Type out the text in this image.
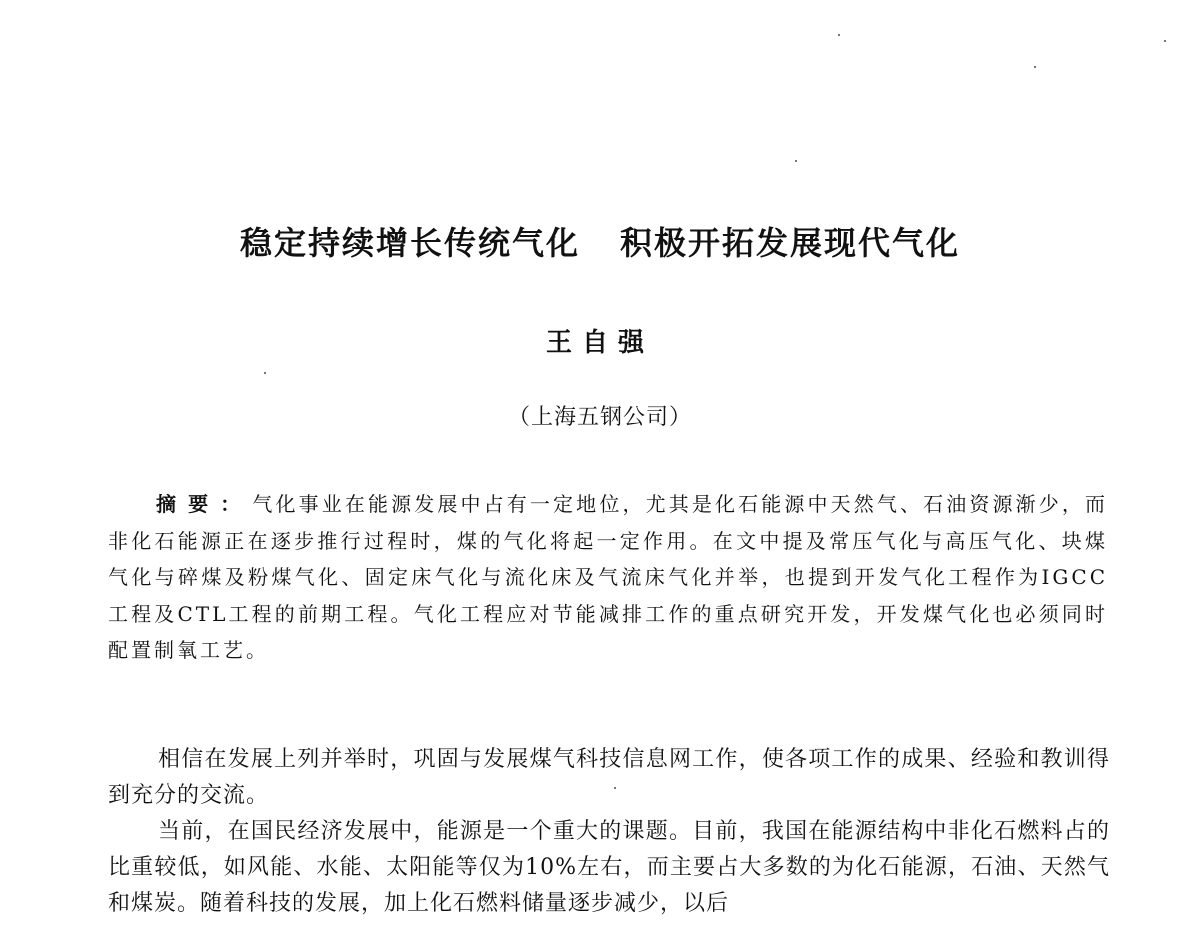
稳定持续增长传统气化 积极开拓发展现代气化
王自强
（上海五钢公司）

摘要：气化事业在能源发展中占有一定地位，尤其是化石能源中天然气、石油资源渐少，而非化石能源正在逐步推行过程时，煤的气化将起一定作用。在文中提及常压气化与高压气化、块煤气化与碎煤及粉煤气化、固定床气化与流化床及气流床气化并举，也提到开发气化工程作为IGCC工程及CTL工程的前期工程。气化工程应对节能减排工作的重点研究开发，开发煤气化也必须同时配置制氧工艺。

相信在发展上列并举时，巩固与发展煤气科技信息网工作，使各项工作的成果、经验和教训得到充分的交流。

当前，在国民经济发展中，能源是一个重大的课题。目前，我国在能源结构中非化石燃料占的比重较低，如风能、水能、太阳能等仅为10%左右，而主要占大多数的为化石能源，石油、天然气和煤炭。随着科技的发展，加上化石燃料储量逐步减少，以后
